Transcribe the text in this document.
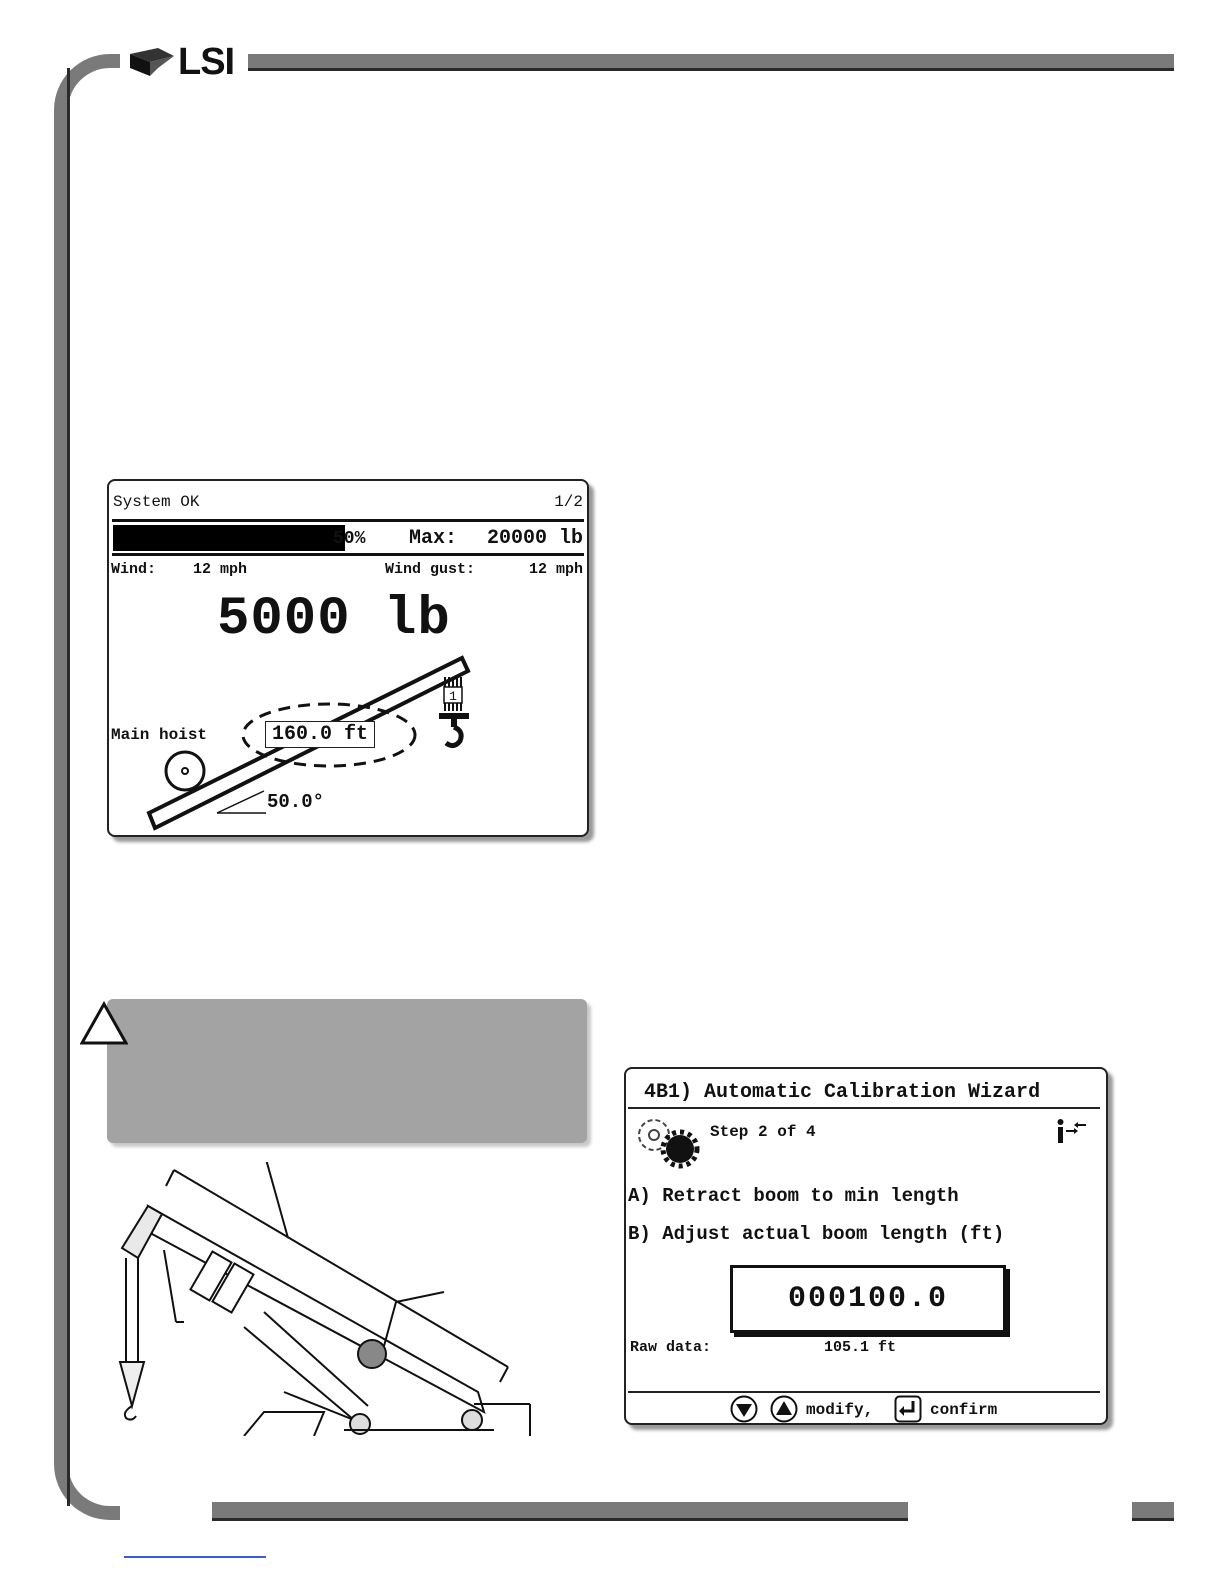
LSI
System OK	1/2
50% Max: 20000 lb
Wind: 12 mph	Wind gust:	12 mph
5000 lb
1
Main hoist	160.0 ft
50.0°
4B1) Automatic Calibration Wizard
Step 2 of 4
A) Retract boom to min length
B) Adjust actual boom length (ft)
000100.0
Raw data:	105.1 ft
modify,	confirm
